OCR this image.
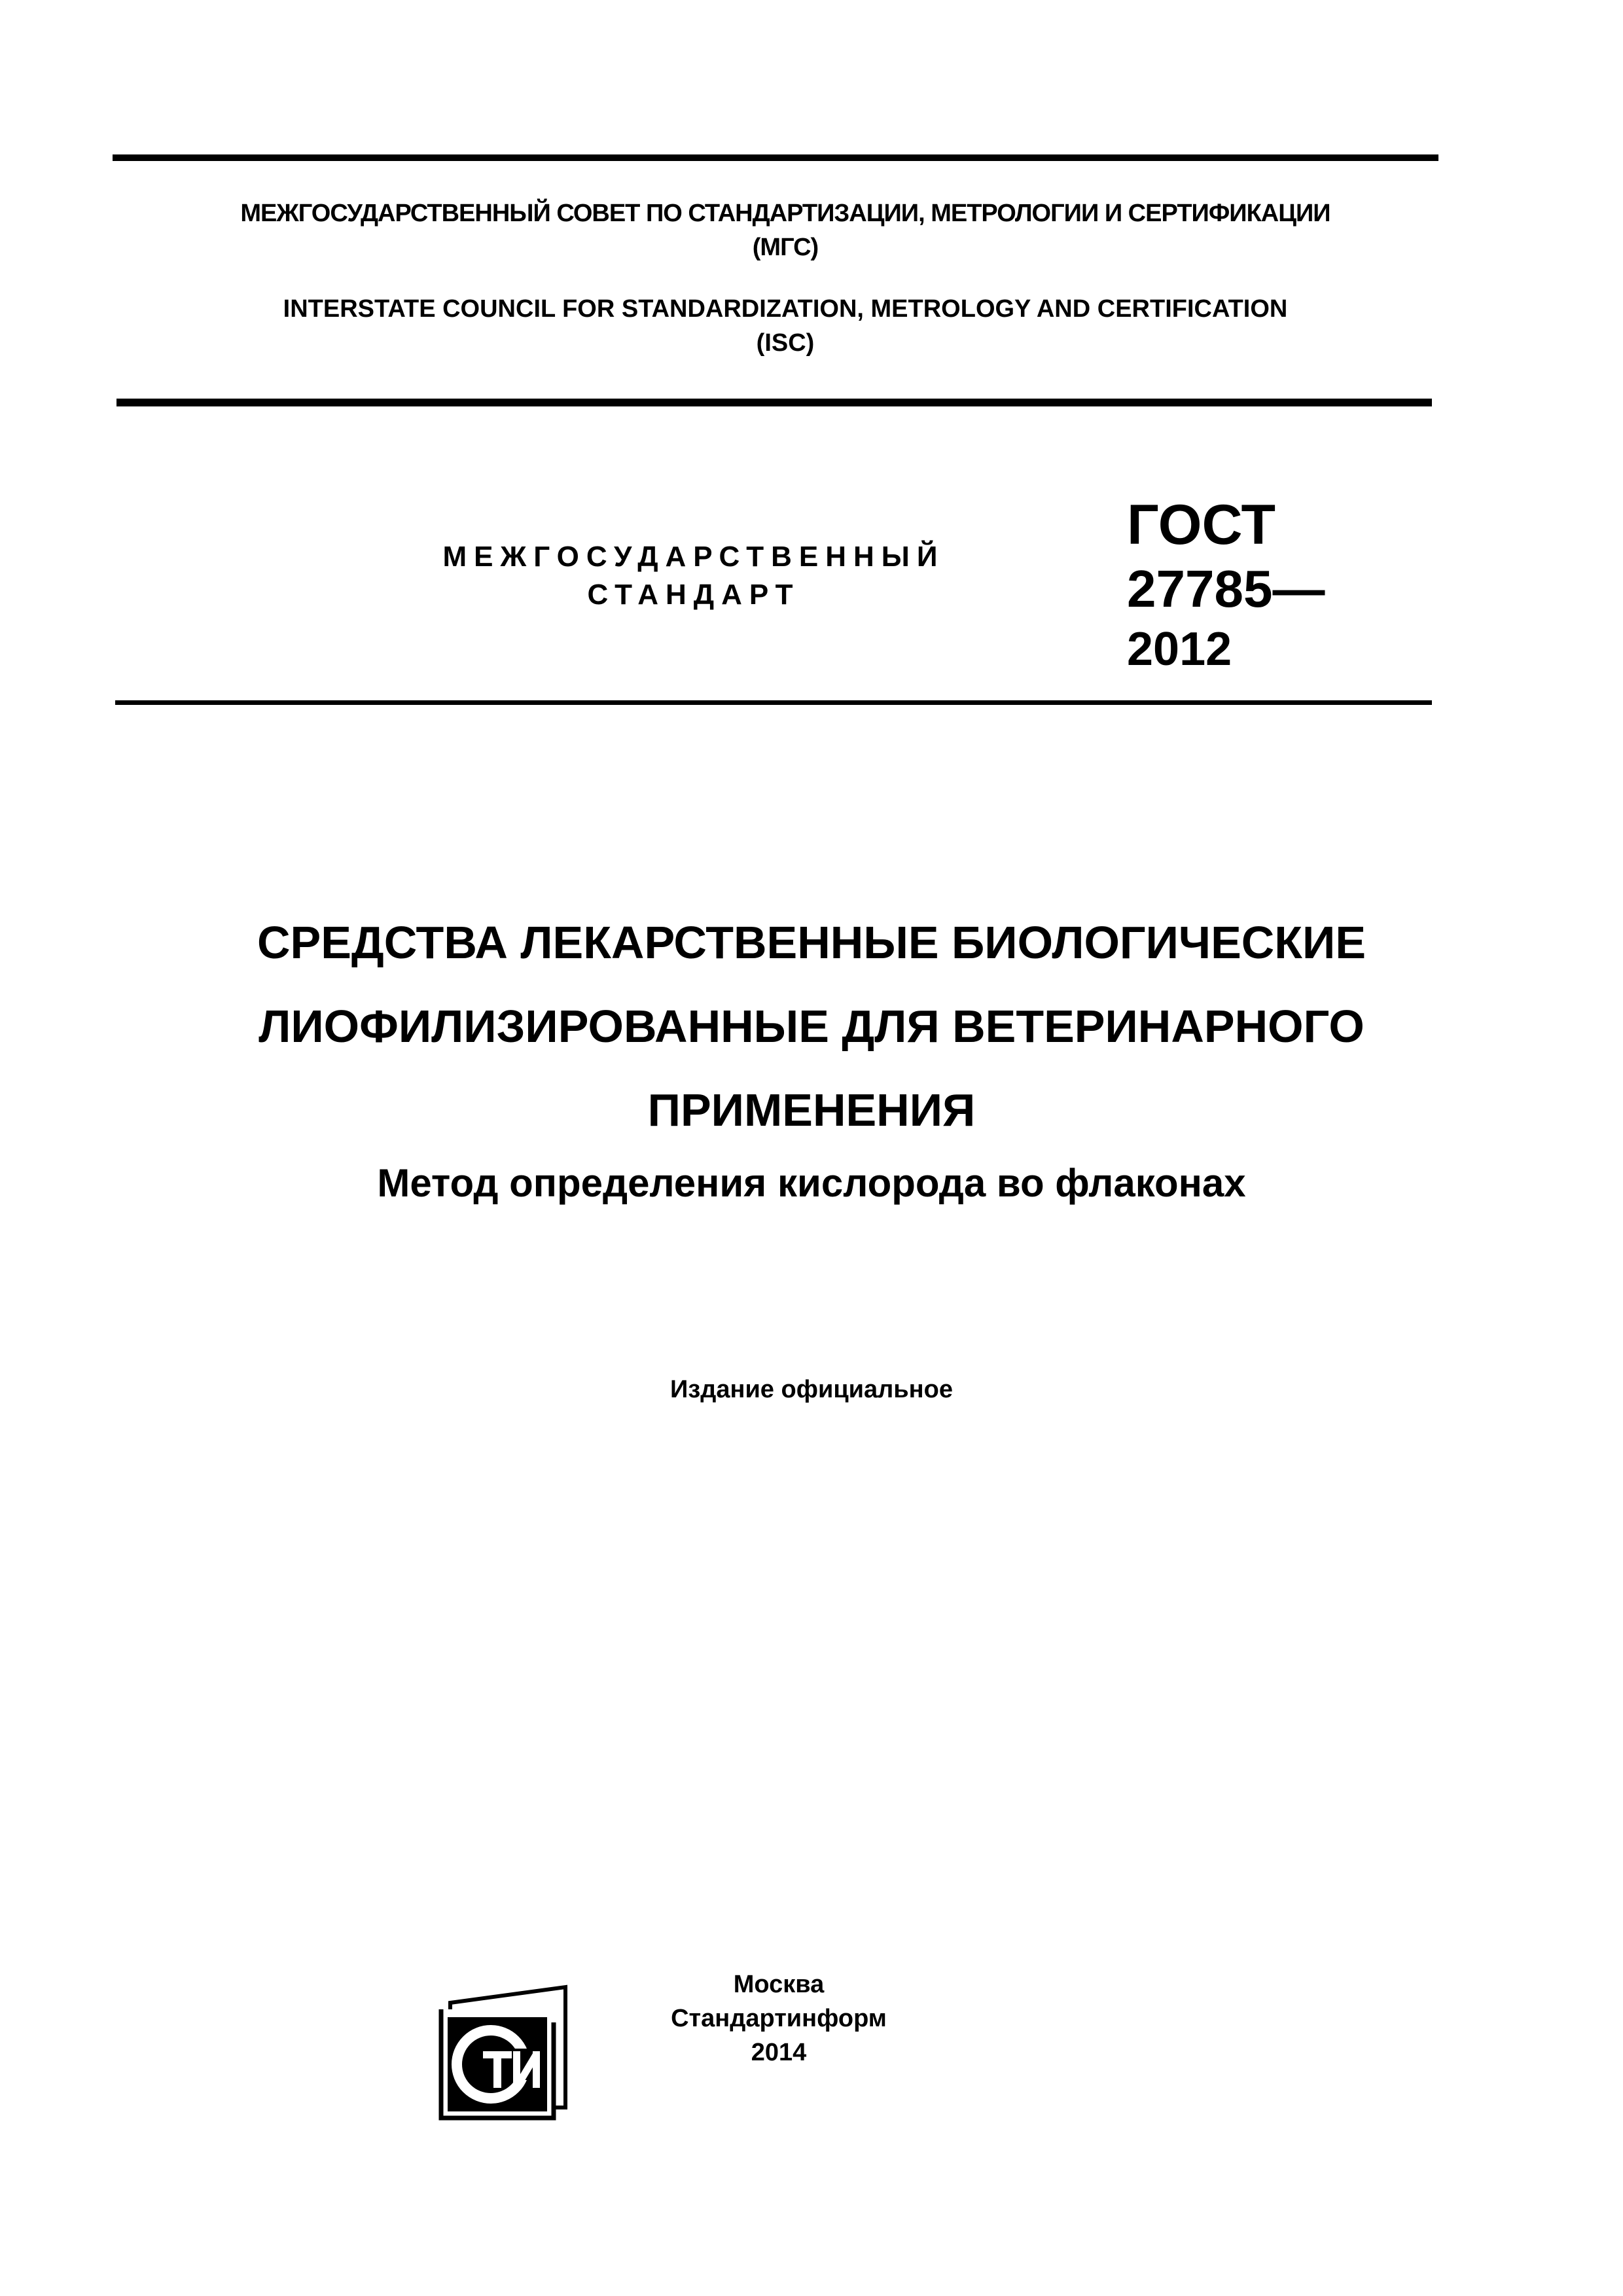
МЕЖГОСУДАРСТВЕННЫЙ СОВЕТ ПО СТАНДАРТИЗАЦИИ, МЕТРОЛОГИИ И СЕРТИФИКАЦИИ
(МГС)
INTERSTATE COUNCIL FOR STANDARDIZATION, METROLOGY AND CERTIFICATION
(ISC)
МЕЖГОСУДАРСТВЕННЫЙ
СТАНДАРТ
ГОСТ
27785—
2012
СРЕДСТВА ЛЕКАРСТВЕННЫЕ БИОЛОГИЧЕСКИЕ
ЛИОФИЛИЗИРОВАННЫЕ ДЛЯ ВЕТЕРИНАРНОГО
ПРИМЕНЕНИЯ
Метод определения кислорода во флаконах
Издание официальное
Москва
Стандартинформ
2014
